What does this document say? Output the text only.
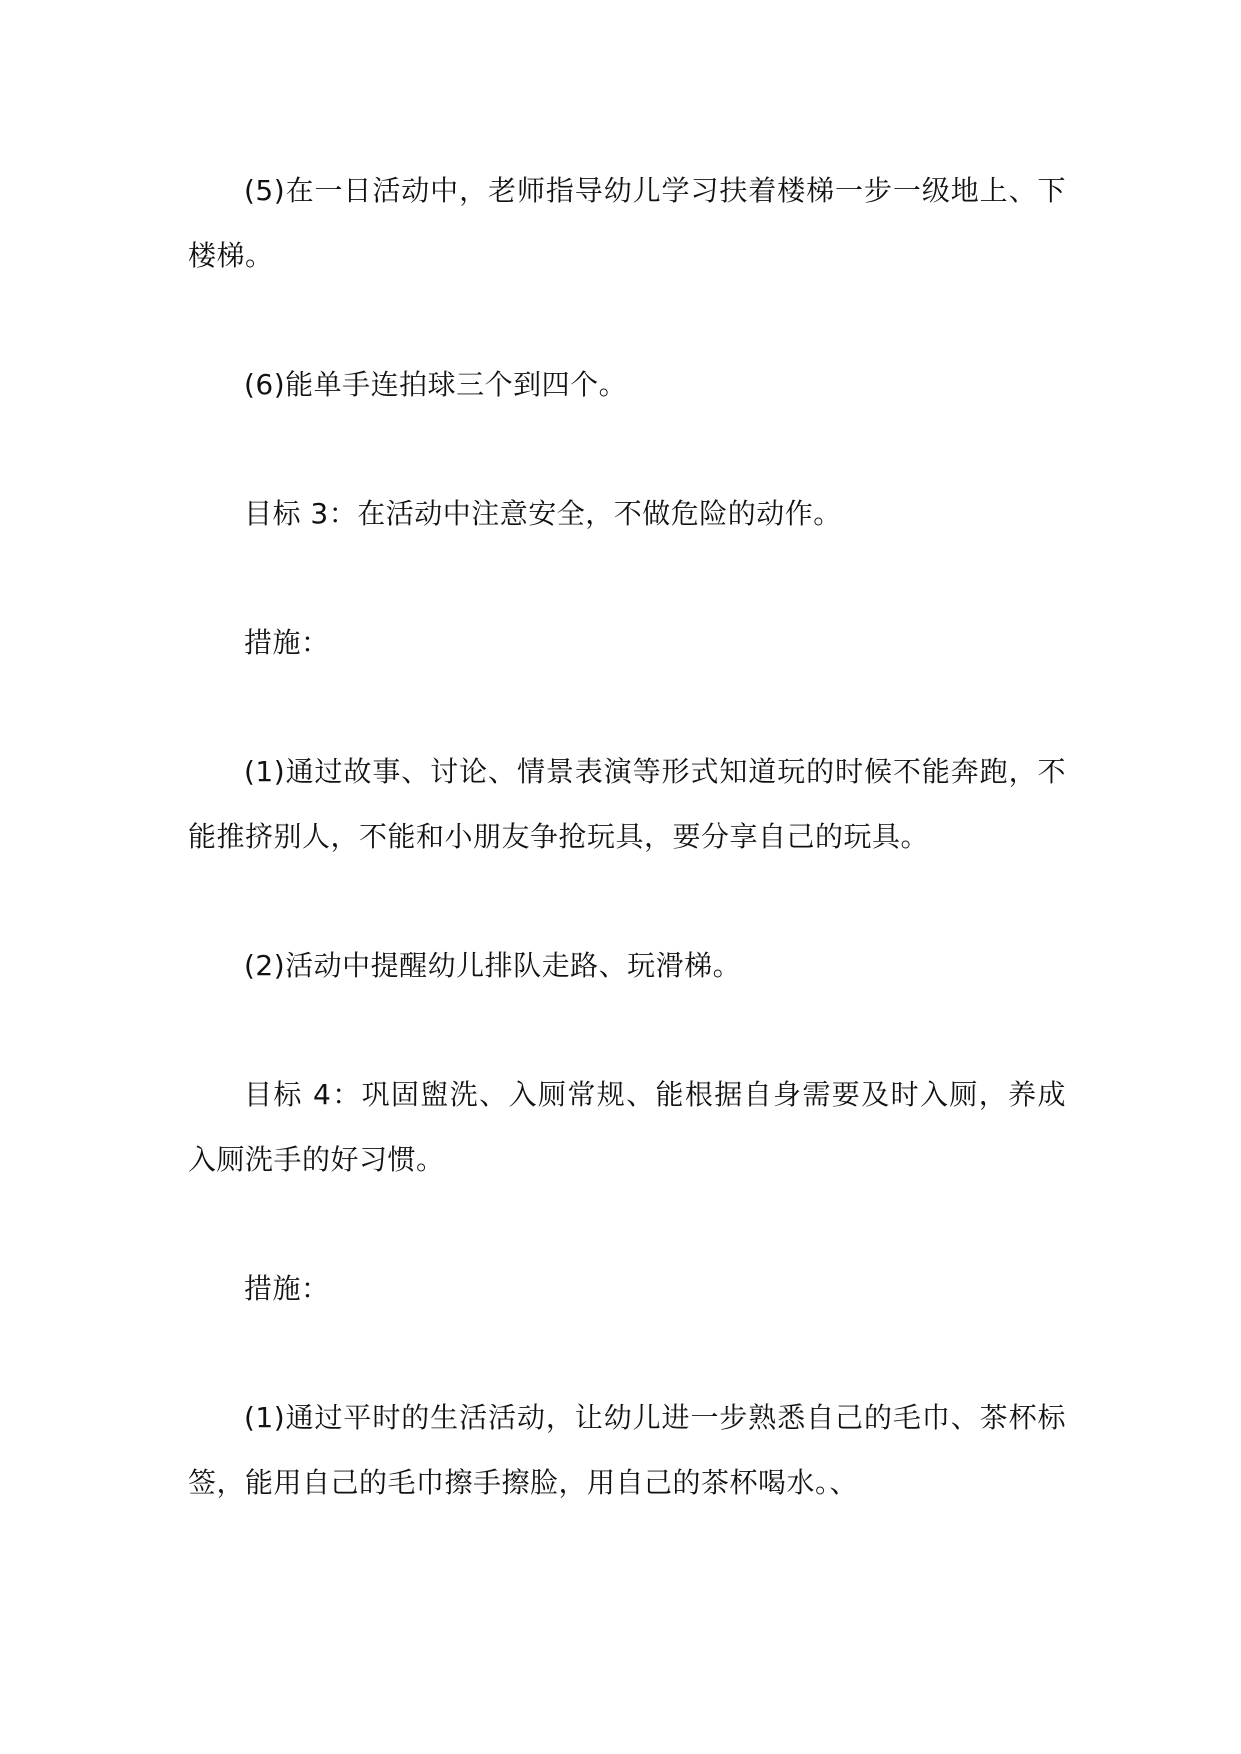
(5)在一日活动中，老师指导幼儿学习扶着楼梯一步一级地上、下楼梯。

(6)能单手连拍球三个到四个。

目标 3：在活动中注意安全，不做危险的动作。

措施：

(1)通过故事、讨论、情景表演等形式知道玩的时候不能奔跑，不能推挤别人，不能和小朋友争抢玩具，要分享自己的玩具。

(2)活动中提醒幼儿排队走路、玩滑梯。

目标 4：巩固盥洗、入厕常规、能根据自身需要及时入厕，养成入厕洗手的好习惯。

措施：

(1)通过平时的生活活动，让幼儿进一步熟悉自己的毛巾、茶杯标签，能用自己的毛巾擦手擦脸，用自己的茶杯喝水。、
